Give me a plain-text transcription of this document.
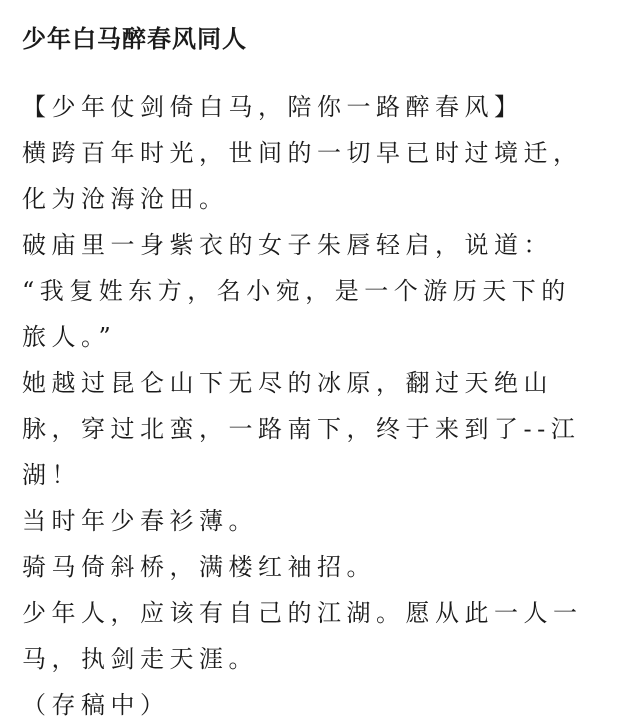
少年白马醉春风同人
【少年仗剑倚白马，陪你一路醉春风】
横跨百年时光，世间的一切早已时过境迁，
化为沧海沧田。
破庙里一身紫衣的女子朱唇轻启，说道：
“我复姓东方，名小宛，是一个游历天下的
旅人。”
她越过昆仑山下无尽的冰原，翻过天绝山
脉，穿过北蛮，一路南下，终于来到了--江
湖！
当时年少春衫薄。
骑马倚斜桥，满楼红袖招。
少年人，应该有自己的江湖。愿从此一人一
马，执剑走天涯。
（存稿中）
